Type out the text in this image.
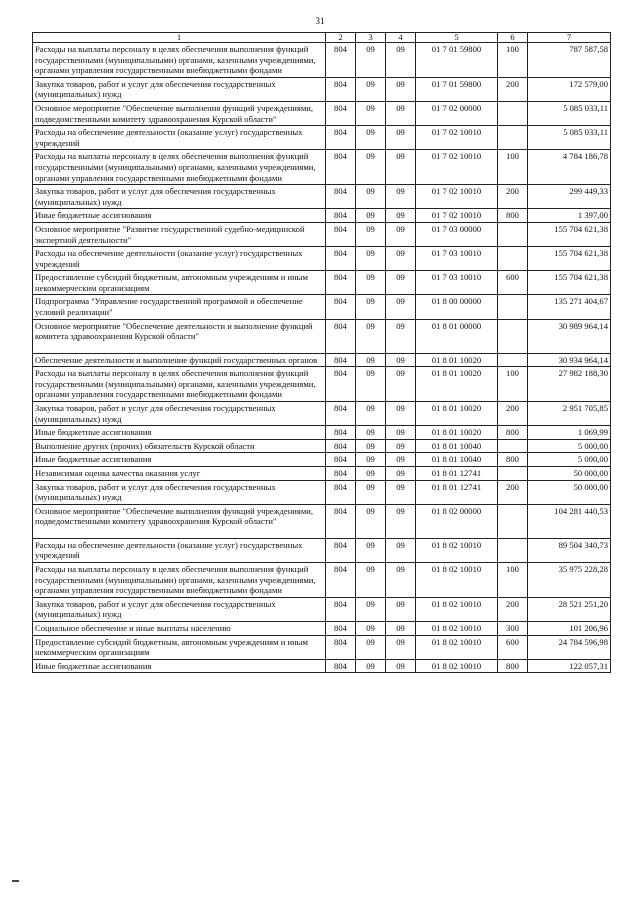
31
1	2	3	4	5	6	7
Расходы на выплаты персоналу в целях обеспечения выполнения функций государственными (муниципальными) органами, казенными учреждениями, органами управления государственными внебюджетными фондами	804	09	09	01 7 01 59800	100	787 587,58
Закупка товаров, работ и услуг для обеспечения государственных (муниципальных) нужд	804	09	09	01 7 01 59800	200	172 579,00
Основное мероприятие "Обеспечение выполнения функций учреждениями, подведомственными комитету здравоохранения Курской области"	804	09	09	01 7 02 00000		5 085 033,11
Расходы на обеспечение деятельности (оказание услуг) государственных учреждений	804	09	09	01 7 02 10010		5 085 033,11
Расходы на выплаты персоналу в целях обеспечения выполнения функций государственными (муниципальными) органами, казенными учреждениями, органами управления государственными внебюджетными фондами	804	09	09	01 7 02 10010	100	4 784 186,78
Закупка товаров, работ и услуг для обеспечения государственных (муниципальных) нужд	804	09	09	01 7 02 10010	200	299 449,33
Иные бюджетные ассигнования	804	09	09	01 7 02 10010	800	1 397,00
Основное мероприятие "Развитие государственной судебно-медицинской экспертной деятельности"	804	09	09	01 7 03 00000		155 704 621,38
Расходы на обеспечение деятельности (оказание услуг) государственных учреждений	804	09	09	01 7 03 10010		155 704 621,38
Предоставление субсидий бюджетным, автономным учреждениям и иным некоммерческим организациям	804	09	09	01 7 03 10010	600	155 704 621,38
Подпрограмма "Управление государственной программой и обеспечение условий реализации"	804	09	09	01 8 00 00000		135 271 404,67
Основное мероприятие "Обеспечение деятельности и выполнение функций комитета здравоохранения Курской области"	804	09	09	01 8 01 00000		30 989 964,14
Обеспечение деятельности и выполнение функций государственных органов	804	09	09	01 8 01 10020		30 934 964,14
Расходы на выплаты персоналу в целях обеспечения выполнения функций государственными (муниципальными) органами, казенными учреждениями, органами управления государственными внебюджетными фондами	804	09	09	01 8 01 10020	100	27 982 188,30
Закупка товаров, работ и услуг для обеспечения государственных (муниципальных) нужд	804	09	09	01 8 01 10020	200	2 951 705,85
Иные бюджетные ассигнования	804	09	09	01 8 01 10020	800	1 069,99
Выполнение других (прочих) обязательств Курской области	804	09	09	01 8 01 10040		5 000,00
Иные бюджетные ассигнования	804	09	09	01 8 01 10040	800	5 000,00
Независимая оценка качества оказания услуг	804	09	09	01 8 01 12741		50 000,00
Закупка товаров, работ и услуг для обеспечения государственных (муниципальных) нужд	804	09	09	01 8 01 12741	200	50 000,00
Основное мероприятие "Обеспечение выполнения функций учреждениями, подведомственными комитету здравоохранения Курской области"	804	09	09	01 8 02 00000		104 281 440,53
Расходы на обеспечение деятельности (оказание услуг) государственных учреждений	804	09	09	01 8 02 10010		89 504 340,73
Расходы на выплаты персоналу в целях обеспечения выполнения функций государственными (муниципальными) органами, казенными учреждениями, органами управления государственными внебюджетными фондами	804	09	09	01 8 02 10010	100	35 975 228,28
Закупка товаров, работ и услуг для обеспечения государственных (муниципальных) нужд	804	09	09	01 8 02 10010	200	28 521 251,20
Социальное обеспечение и иные выплаты населению	804	09	09	01 8 02 10010	300	101 206,96
Предоставление субсидий бюджетным, автономным учреждениям и иным некоммерческим организациям	804	09	09	01 8 02 10010	600	24 784 596,98
Иные бюджетные ассигнования	804	09	09	01 8 02 10010	800	122 057,31
